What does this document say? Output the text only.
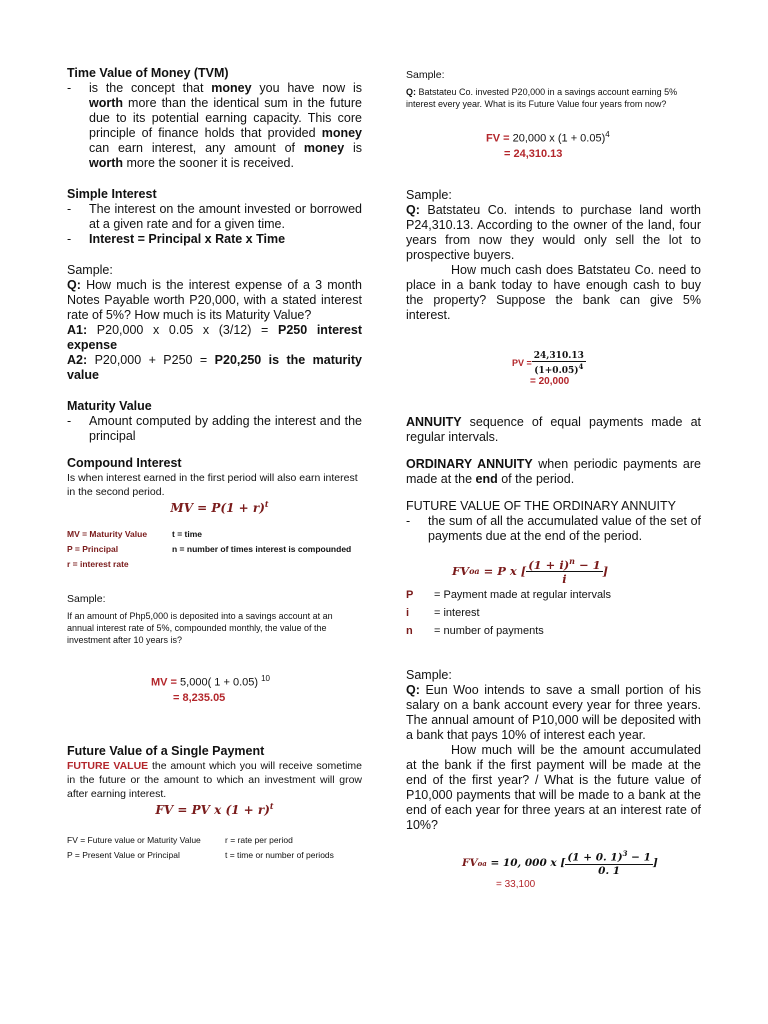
Time Value of Money (TVM)
-	is the concept that money you have now is worth more than the identical sum in the future due to its potential earning capacity. This core principle of finance holds that provided money can earn interest, any amount of money is worth more the sooner it is received.
Simple Interest
-	The interest on the amount invested or borrowed at a given rate and for a given time.
-	Interest = Principal x Rate x Time
Sample:
Q: How much is the interest expense of a 3 month Notes Payable worth P20,000, with a stated interest rate of 5%? How much is its Maturity Value?
A1: P20,000 x 0.05 x (3/12) = P250 interest expense
A2: P20,000 + P250 = P20,250 is the maturity value
Maturity Value
-	Amount computed by adding the interest and the principal
Compound Interest
Is when interest earned in the first period will also earn interest in the second period.
MV = $P(1 + r)^t$
MV = Maturity Value	t = time
P = Principal	n = number of times interest is compounded
r = interest rate
Sample:
If an amount of Php5,000 is deposited into a savings account at an annual interest rate of 5%, compounded monthly, the value of the investment after 10 years is?
MV = 5,000( 1 + 0.05) $^{10}$
= 8,235.05
Future Value of a Single Payment
FUTURE VALUE the amount which you will receive sometime in the future or the amount to which an investment will grow after earning interest.
FV = PV x $(1 + r)^t$
FV = Future value or Maturity Value	r = rate per period
P = Present Value or Principal	t = time or number of periods
Sample:
Q: Batstateu Co. invested P20,000 in a savings account earning 5% interest every year. What is its Future Value four years from now?
FV = 20,000 x $(1 + 0.05)^4$
= 24,310.13
Sample:
Q: Batstateu Co. intends to purchase land worth P24,310.13. According to the owner of the land, four years from now they would only sell the lot to prospective buyers.
How much cash does Batstateu Co. need to place in a bank today to have enough cash to buy the property? Suppose the bank can give 5% interest.
PV = $\frac{24,310.13}{(1+0.05)^4}$
= 20,000
ANNUITY sequence of equal payments made at regular intervals.
ORDINARY ANNUITY when periodic payments are made at the end of the period.
FUTURE VALUE OF THE ORDINARY ANNUITY
-	the sum of all the accumulated value of the set of payments due at the end of the period.
FV oa = P x [ $\frac{(1 + i)^n - 1}{i}$ ]
P	= Payment made at regular intervals
i	= interest
n	= number of payments
Sample:
Q: Eun Woo intends to save a small portion of his salary on a bank account every year for three years. The annual amount of P10,000 will be deposited with a bank that pays 10% of interest each year.
How much will be the amount accumulated at the bank if the first payment will be made at the end of the first year? / What is the future value of P10,000 payments that will be made to a bank at the end of each year for three years at an interest rate of 10%?
FV oa = 10, 000 x [ $\frac{(1 + 0. 1)^3 - 1}{0. 1}$ ]
= 33,100
